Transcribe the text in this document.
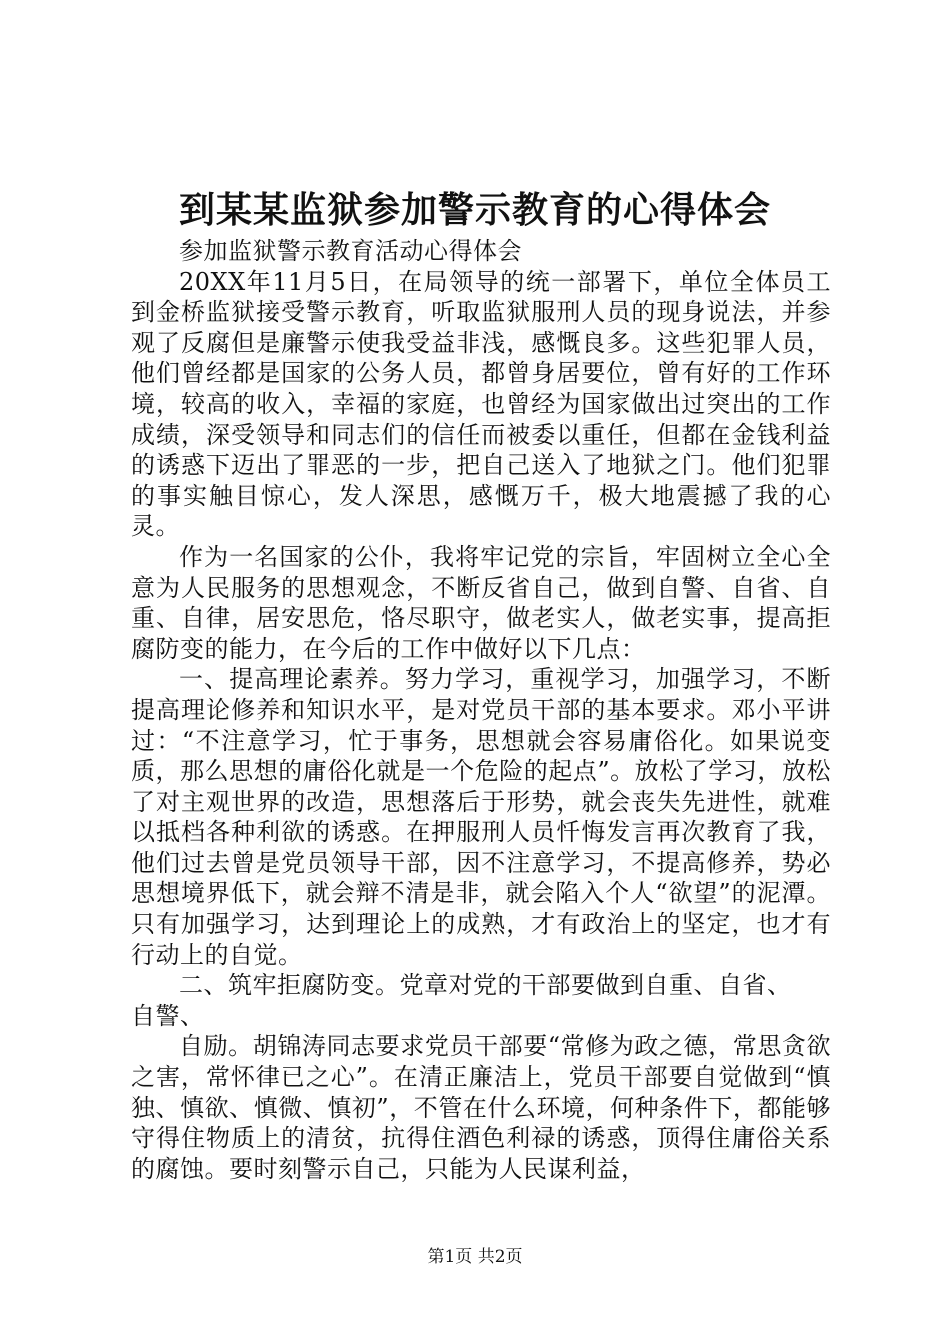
到某某监狱参加警示教育的心得体会

参加监狱警示教育活动心得体会

20XX年11月5日，在局领导的统一部署下，单位全体员工到金桥监狱接受警示教育，听取监狱服刑人员的现身说法，并参观了反腐但是廉警示使我受益非浅，感慨良多。这些犯罪人员，他们曾经都是国家的公务人员，都曾身居要位，曾有好的工作环境，较高的收入，幸福的家庭，也曾经为国家做出过突出的工作成绩，深受领导和同志们的信任而被委以重任，但都在金钱利益的诱惑下迈出了罪恶的一步，把自己送入了地狱之门。他们犯罪的事实触目惊心，发人深思，感慨万千，极大地震撼了我的心灵。

作为一名国家的公仆，我将牢记党的宗旨，牢固树立全心全意为人民服务的思想观念，不断反省自己，做到自警、自省、自重、自律，居安思危，恪尽职守，做老实人，做老实事，提高拒腐防变的能力，在今后的工作中做好以下几点：

一、提高理论素养。努力学习，重视学习，加强学习，不断提高理论修养和知识水平，是对党员干部的基本要求。邓小平讲过：“不注意学习，忙于事务，思想就会容易庸俗化。如果说变质，那么思想的庸俗化就是一个危险的起点”。放松了学习，放松了对主观世界的改造，思想落后于形势，就会丧失先进性，就难以抵档各种利欲的诱惑。在押服刑人员忏悔发言再次教育了我，他们过去曾是党员领导干部，因不注意学习，不提高修养，势必思想境界低下，就会辩不清是非，就会陷入个人“欲望”的泥潭。只有加强学习，达到理论上的成熟，才有政治上的坚定，也才有行动上的自觉。

二、筑牢拒腐防变。党章对党的干部要做到自重、自省、

自警、

自励。胡锦涛同志要求党员干部要“常修为政之德，常思贪欲之害，常怀律已之心”。在清正廉洁上，党员干部要自觉做到“慎独、慎欲、慎微、慎初”，不管在什么环境，何种条件下，都能够守得住物质上的清贫，抗得住酒色利禄的诱惑，顶得住庸俗关系的腐蚀。要时刻警示自己，只能为人民谋利益，

第1页 共2页
